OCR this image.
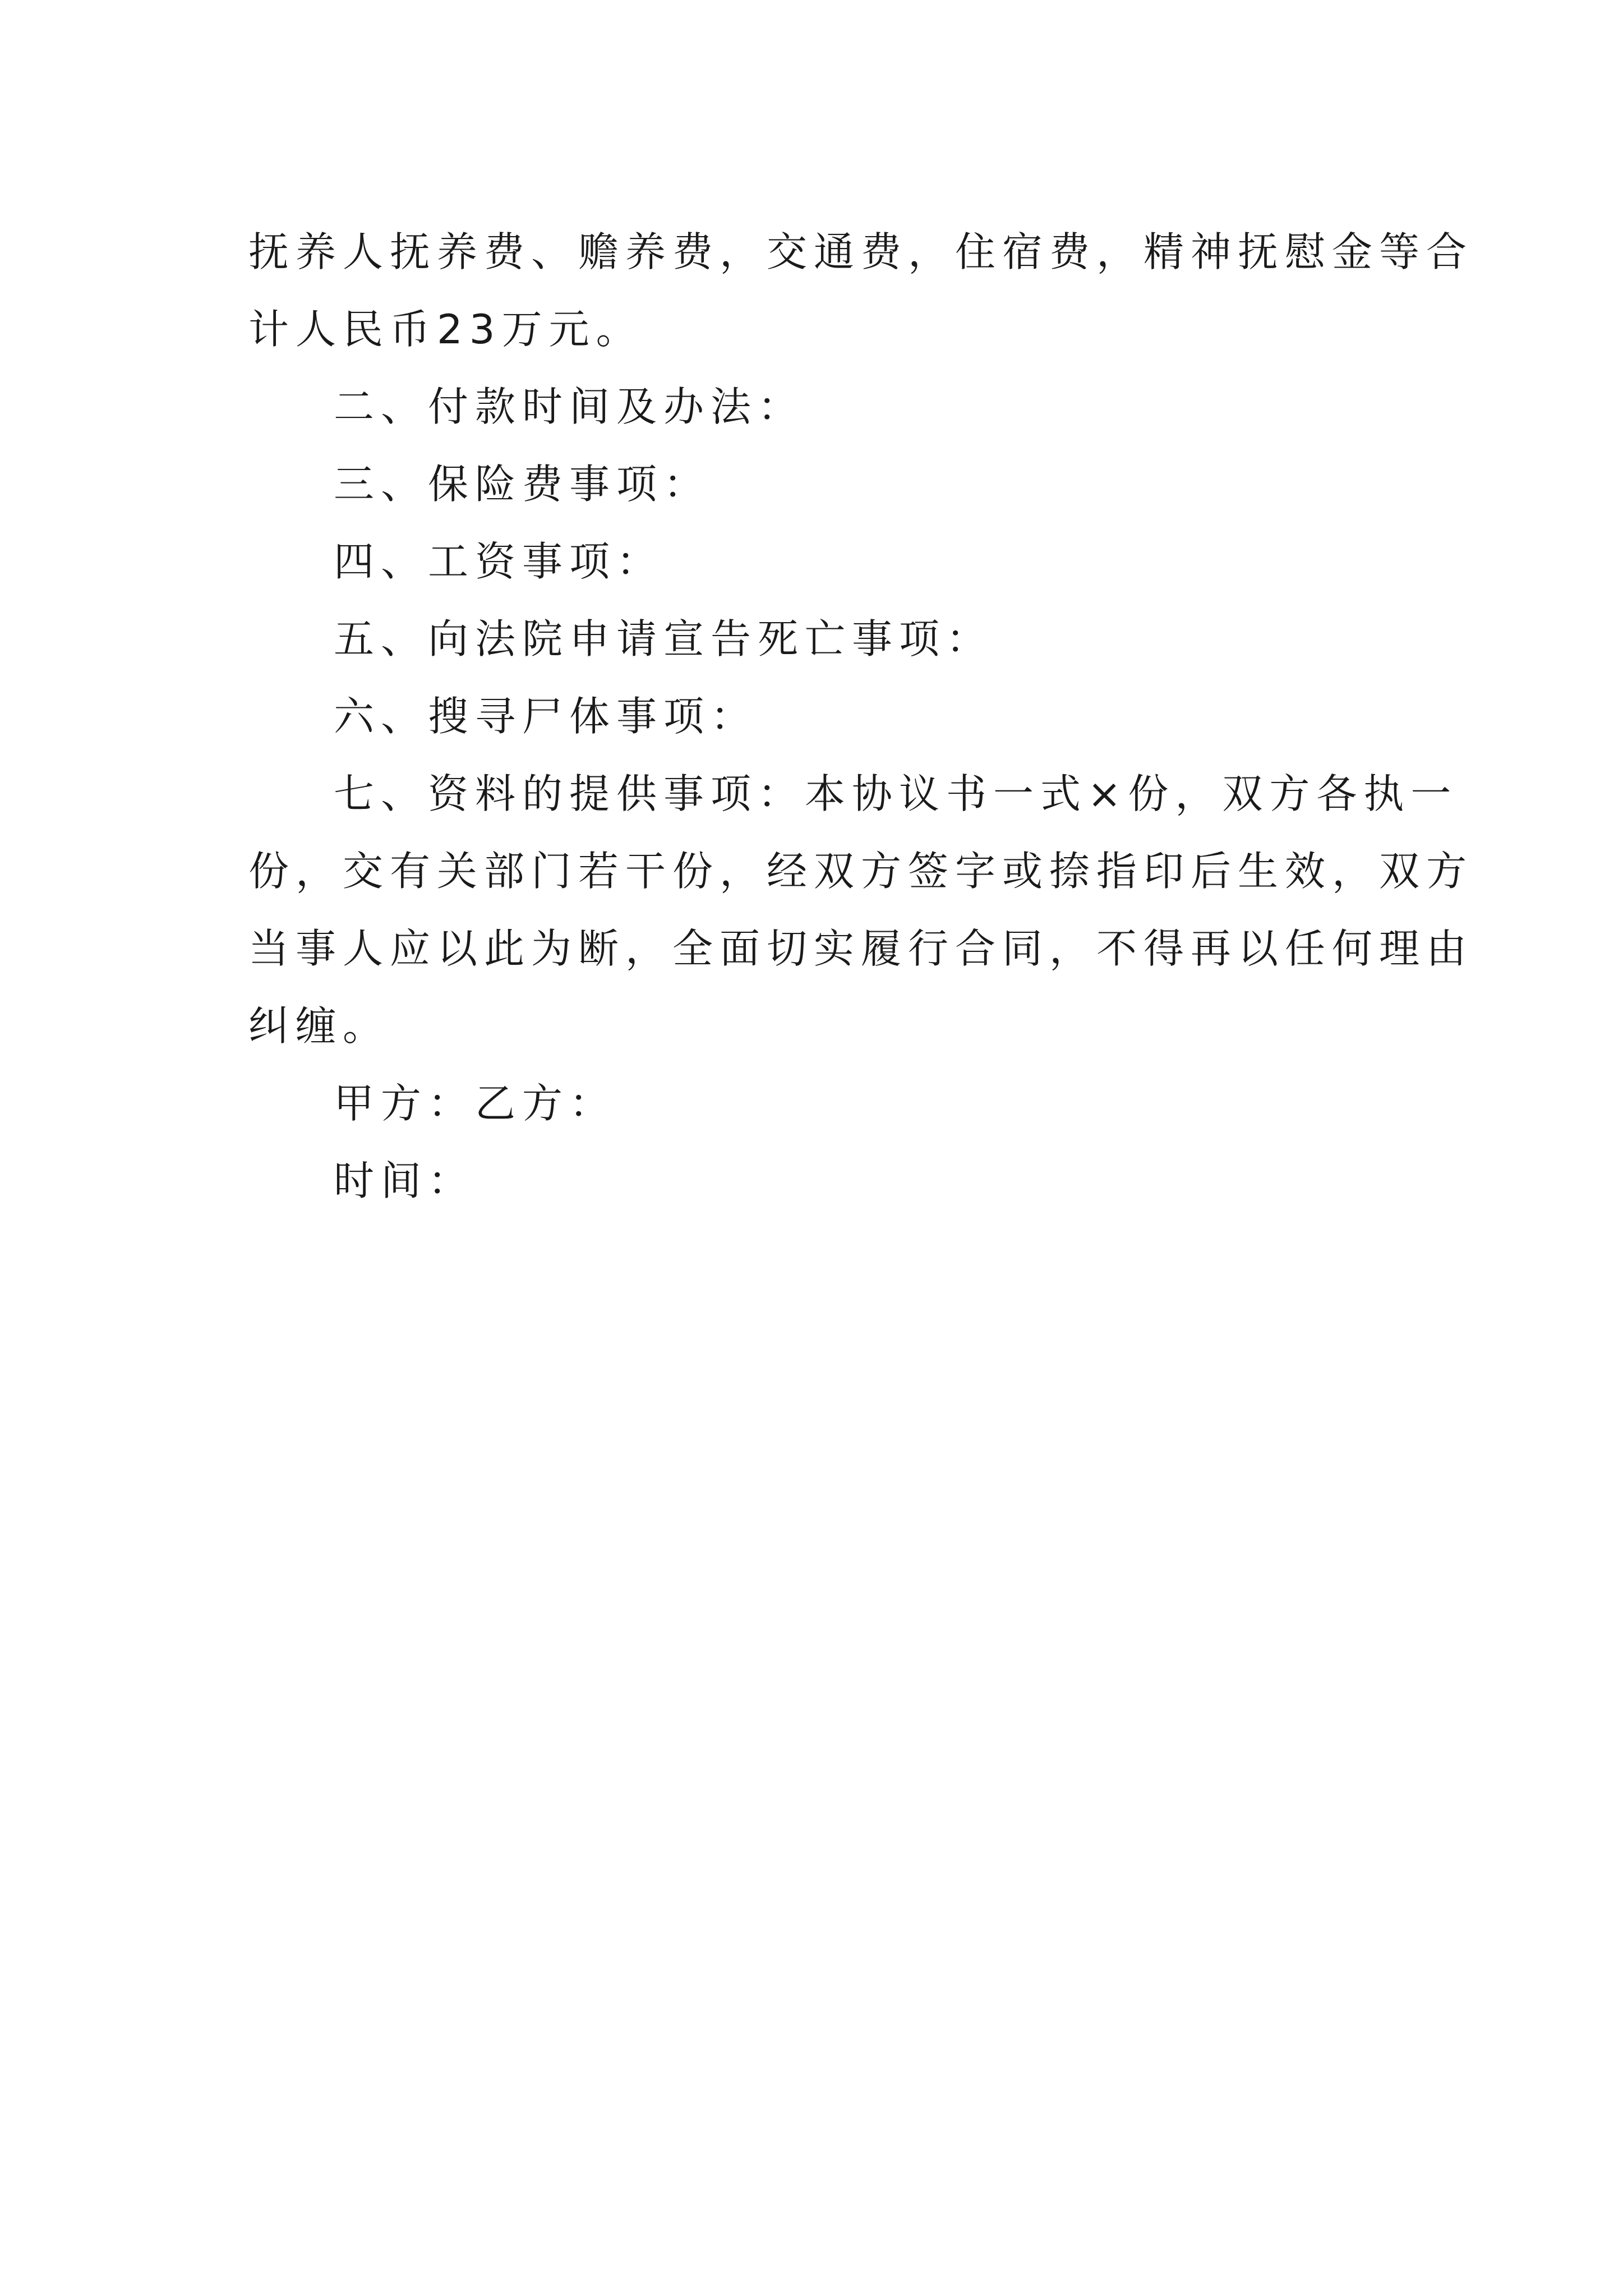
抚养人抚养费、赡养费，交通费，住宿费，精神抚慰金等合
计人民币23万元。
二、付款时间及办法：
三、保险费事项：
四、工资事项：
五、向法院申请宣告死亡事项：
六、搜寻尸体事项：
七、资料的提供事项：本协议书一式×份，双方各执一
份，交有关部门若干份，经双方签字或捺指印后生效，双方
当事人应以此为断，全面切实履行合同，不得再以任何理由
纠缠。
甲方：乙方：
时间：
